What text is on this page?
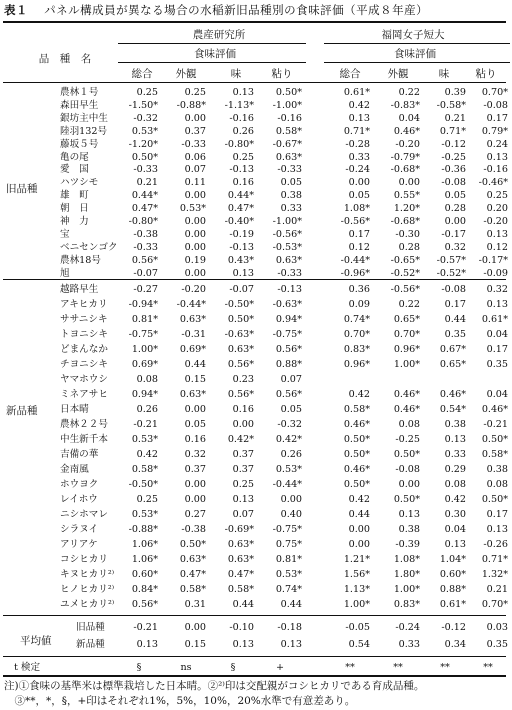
表１ パネル構成員が異なる場合の水稲新旧品種別の食味評価（平成８年産）
品　種　名
農産研究所
食味評価
福岡女子短大
食味評価
総合	外観	味	粘り	総合	外観	味	粘り
旧品種
新品種
農林１号	0.25	0.25	0.13	0.50*	0.61*	0.22	0.39	0.70*
森田早生	-1.50*	-0.88*	-1.13*	-1.00*	0.42	-0.83*	-0.58*	-0.08
銀坊主中生	-0.32	0.00	-0.16	-0.16	0.13	0.04	0.21	0.17
陸羽132号	0.53*	0.37	0.26	0.58*	0.71*	0.46*	0.71*	0.79*
藤坂５号	-1.20*	-0.33	-0.80*	-0.67*	-0.28	-0.20	-0.12	0.24
亀の尾	0.50*	0.06	0.25	0.63*	0.33	-0.79*	-0.25	0.13
愛　国	-0.33	0.07	-0.13	-0.33	-0.24	-0.68*	-0.36	-0.16
ハツシモ	0.21	0.11	0.16	0.05	0.00	0.00	-0.08	-0.46*
雄　町	0.44*	0.00	0.44*	0.38	0.05	0.55*	0.05	0.25
朝　日	0.47*	0.53*	0.47*	0.33	1.08*	1.20*	0.28	0.20
神　力	-0.80*	0.00	-0.40*	-1.00*	-0.56*	-0.68*	0.00	-0.20
宝	-0.38	0.00	-0.19	-0.56*	0.17	-0.30	-0.17	0.13
ベニセンゴク	-0.33	0.00	-0.13	-0.53*	0.12	0.28	0.32	0.12
農林18号	0.56*	0.19	0.43*	0.63*	-0.44*	-0.65*	-0.57*	-0.17*
旭	-0.07	0.00	0.13	-0.33	-0.96*	-0.52*	-0.52*	-0.09
越路早生	-0.27	-0.20	-0.07	-0.13	0.36	-0.56*	-0.08	0.32
アキヒカリ	-0.94*	-0.44*	-0.50*	-0.63*	0.09	0.22	0.17	0.13
ササニシキ	0.81*	0.63*	0.50*	0.94*	0.74*	0.65*	0.44	0.61*
トヨニシキ	-0.75*	-0.31	-0.63*	-0.75*	0.70*	0.70*	0.35	0.04
どまんなか	1.00*	0.69*	0.63*	0.56*	0.83*	0.96*	0.67*	0.17
チヨニシキ	0.69*	0.44	0.56*	0.88*	0.96*	1.00*	0.65*	0.35
ヤマホウシ	0.08	0.15	0.23	0.07
ミネアサヒ	0.94*	0.63*	0.56*	0.56*	0.42	0.46*	0.46*	0.04
日本晴	0.26	0.00	0.16	0.05	0.58*	0.46*	0.54*	0.46*
農林２２号	-0.21	0.05	0.00	-0.32	0.46*	0.08	0.38	-0.21
中生新千本	0.53*	0.16	0.42*	0.42*	0.50*	-0.25	0.13	0.50*
吉備の華	0.42	0.32	0.37	0.26	0.50*	0.50*	0.33	0.58*
金南風	0.58*	0.37	0.37	0.53*	0.46*	-0.08	0.29	0.38
ホウヨク	-0.50*	0.00	0.25	-0.44*	0.50*	0.00	0.08	0.08
レイホウ	0.25	0.00	0.13	0.00	0.42	0.50*	0.42	0.50*
ニシホマレ	0.53*	0.27	0.07	0.40	0.44	0.13	0.30	0.17
シラヌイ	-0.88*	-0.38	-0.69*	-0.75*	0.00	0.38	0.04	0.13
アリアケ	1.06*	0.50*	0.63*	0.75*	0.00	-0.39	0.13	-0.26
コシヒカリ	1.06*	0.63*	0.63*	0.81*	1.21*	1.08*	1.04*	0.71*
キヌヒカリ²⁾	0.60*	0.47*	0.47*	0.53*	1.56*	1.80*	0.60*	1.32*
ヒノヒカリ²⁾	0.84*	0.58*	0.58*	0.74*	1.13*	1.00*	0.88*	0.21
ユメヒカリ²⁾	0.56*	0.31	0.44	0.44	1.00*	0.83*	0.61*	0.70*
平均値
旧品種	-0.21	0.00	-0.10	-0.18	-0.05	-0.24	-0.12	0.03
新品種	0.13	0.15	0.13	0.13	0.54	0.33	0.34	0.35
t 検定	§	ns	§	+	**	**	**	**
注)①食味の基準米は標準栽培した日本晴。②²⁾印は交配親がコシヒカリである育成品種。
　③**，*，§，+印はそれぞれ1%，5%，10%，20%水準で有意差あり。
